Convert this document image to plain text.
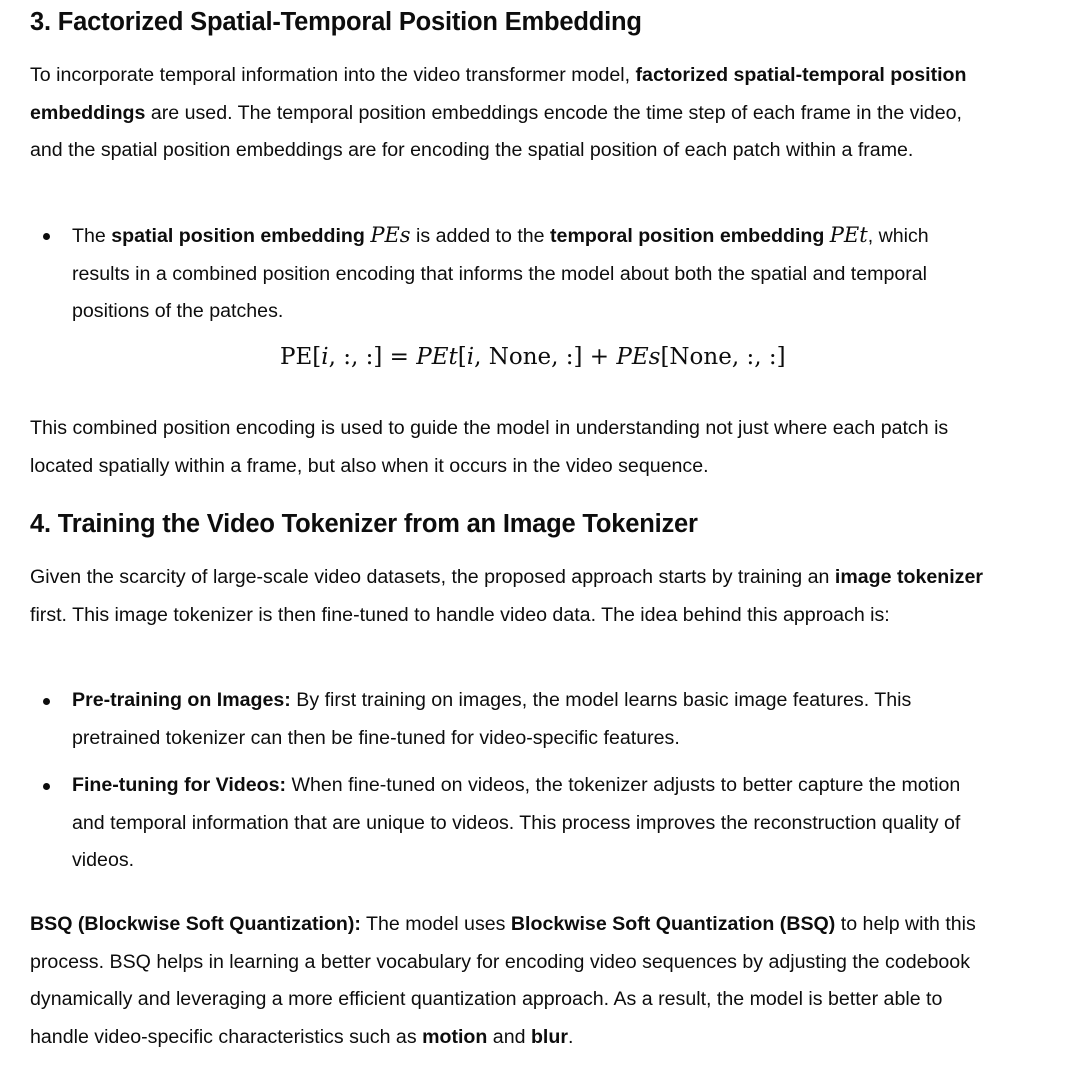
3. Factorized Spatial-Temporal Position Embedding

To incorporate temporal information into the video transformer model, factorized spatial-temporal position embeddings are used. The temporal position embeddings encode the time step of each frame in the video, and the spatial position embeddings are for encoding the spatial position of each patch within a frame.

The spatial position embedding PEs is added to the temporal position embedding PEt, which results in a combined position encoding that informs the model about both the spatial and temporal positions of the patches.
PE[i, :, :] = PEt[i, None, :] + PEs[None, :, :]

This combined position encoding is used to guide the model in understanding not just where each patch is located spatially within a frame, but also when it occurs in the video sequence.

4. Training the Video Tokenizer from an Image Tokenizer

Given the scarcity of large-scale video datasets, the proposed approach starts by training an image tokenizer first. This image tokenizer is then fine-tuned to handle video data. The idea behind this approach is:

Pre-training on Images: By first training on images, the model learns basic image features. This pretrained tokenizer can then be fine-tuned for video-specific features.
Fine-tuning for Videos: When fine-tuned on videos, the tokenizer adjusts to better capture the motion and temporal information that are unique to videos. This process improves the reconstruction quality of videos.

BSQ (Blockwise Soft Quantization): The model uses Blockwise Soft Quantization (BSQ) to help with this process. BSQ helps in learning a better vocabulary for encoding video sequences by adjusting the codebook dynamically and leveraging a more efficient quantization approach. As a result, the model is better able to handle video-specific characteristics such as motion and blur.
